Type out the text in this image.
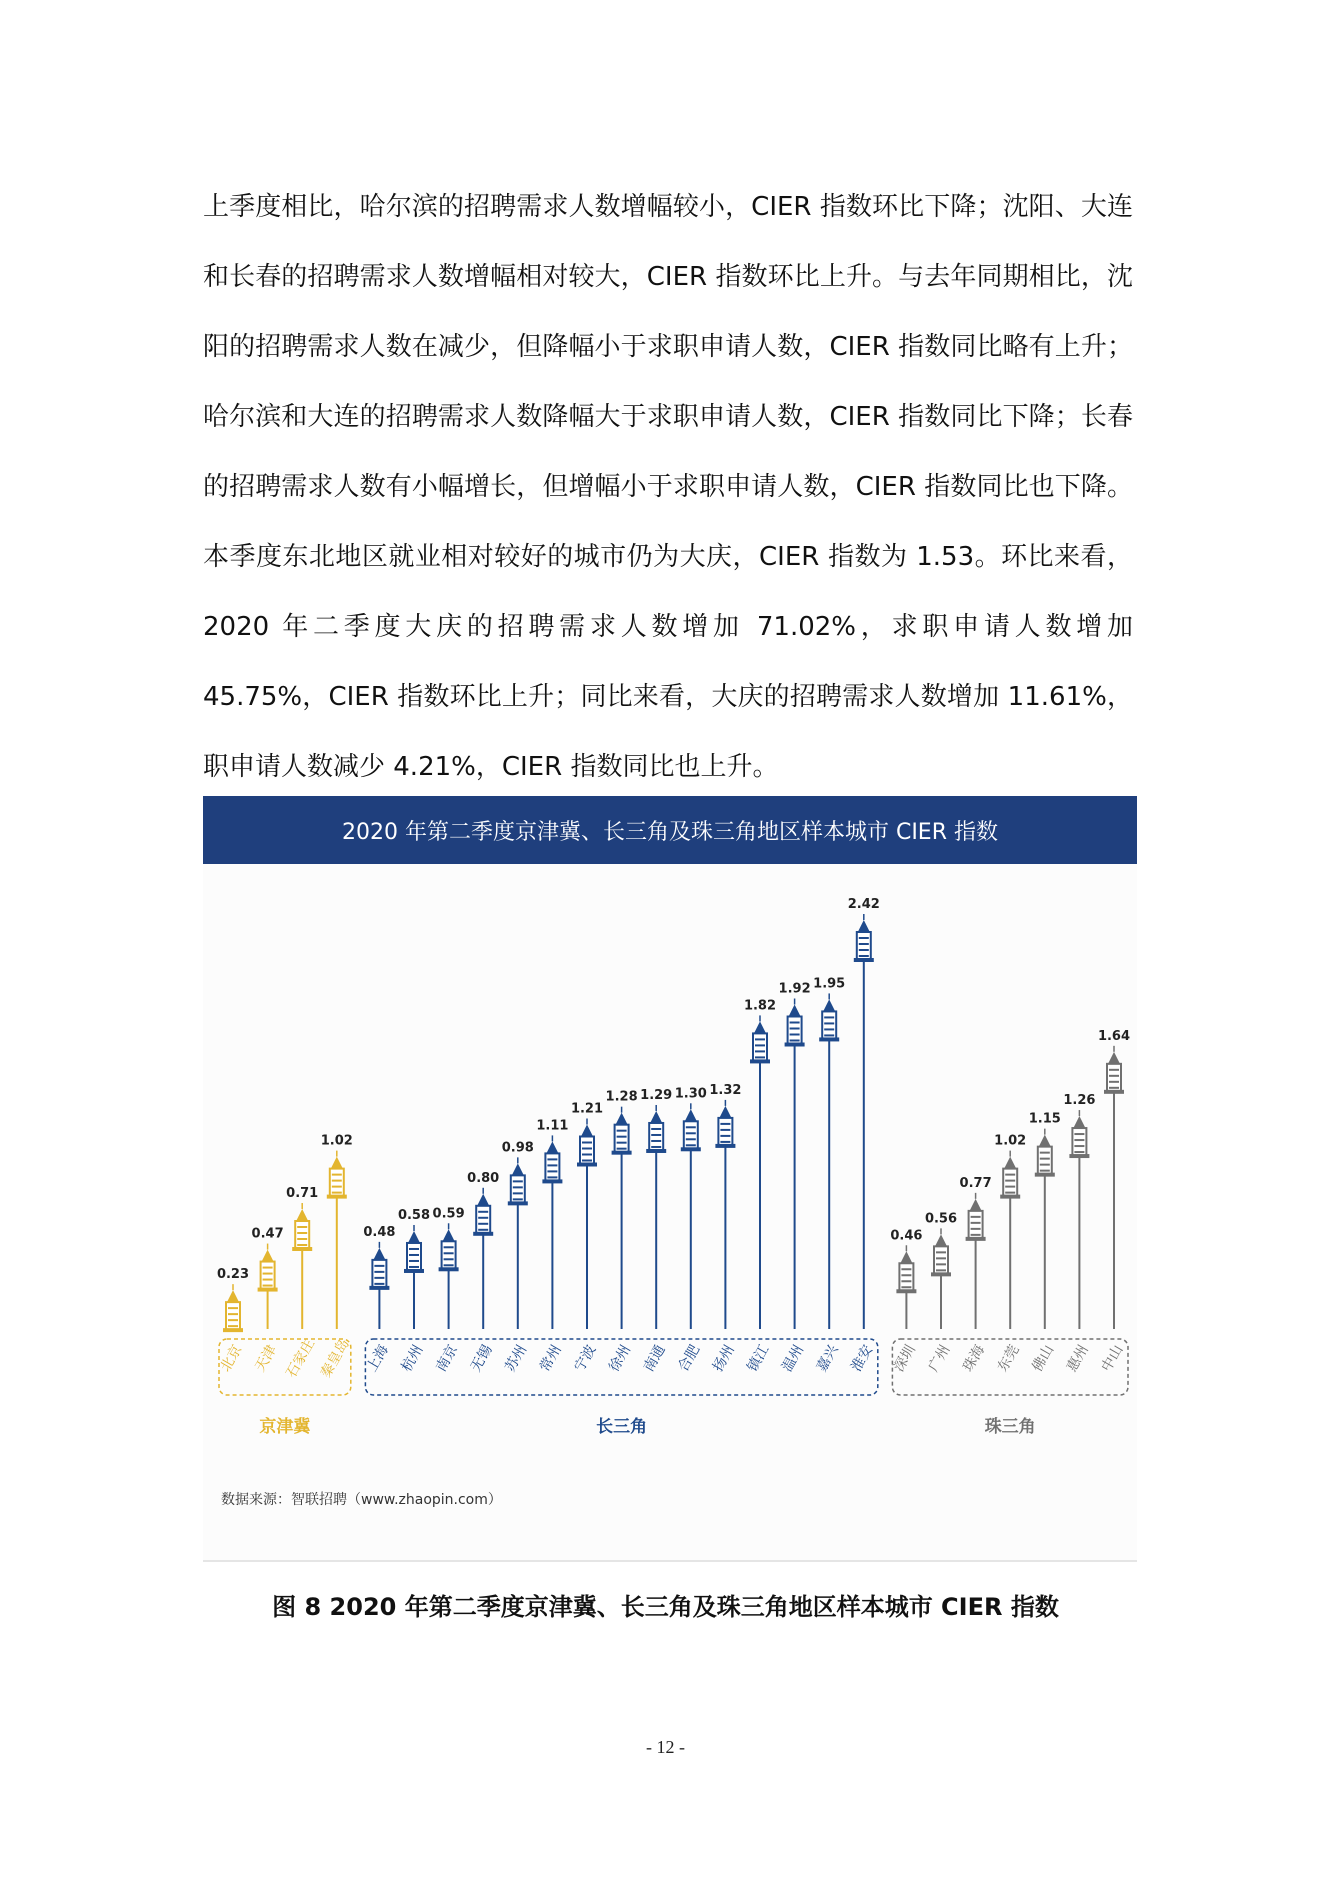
上季度相比，哈尔滨的招聘需求人数增幅较小，CIER 指数环比下降；沈阳、大连和长春的招聘需求人数增幅相对较大，CIER 指数环比上升。与去年同期相比，沈阳的招聘需求人数在减少，但降幅小于求职申请人数，CIER 指数同比略有上升；哈尔滨和大连的招聘需求人数降幅大于求职申请人数，CIER 指数同比下降；长春的招聘需求人数有小幅增长，但增幅小于求职申请人数，CIER 指数同比也下降。本季度东北地区就业相对较好的城市仍为大庆，CIER 指数为 1.53。环比来看，2020 年二季度大庆的招聘需求人数增加 71.02%，求职申请人数增加 45.75%，CIER 指数环比上升；同比来看，大庆的招聘需求人数增加 11.61%，职申请人数减少 4.21%，CIER 指数同比也上升。

2020 年第二季度京津冀、长三角及珠三角地区样本城市 CIER 指数
0.23
北京
0.47
天津
0.71
石家庄
1.02
秦皇岛
0.48
上海
0.58
杭州
0.59
南京
0.80
无锡
0.98
苏州
1.11
常州
1.21
宁波
1.28
徐州
1.29
南通
1.30
合肥
1.32
扬州
1.82
镇江
1.92
温州
1.95
嘉兴
2.42
淮安
0.46
深圳
0.56
广州
0.77
珠海
1.02
东莞
1.15
佛山
1.26
惠州
1.64
中山
京津冀	长三角	珠三角
数据来源：智联招聘（www.zhaopin.com）
图 8 2020 年第二季度京津冀、长三角及珠三角地区样本城市 CIER 指数
- 12 -
